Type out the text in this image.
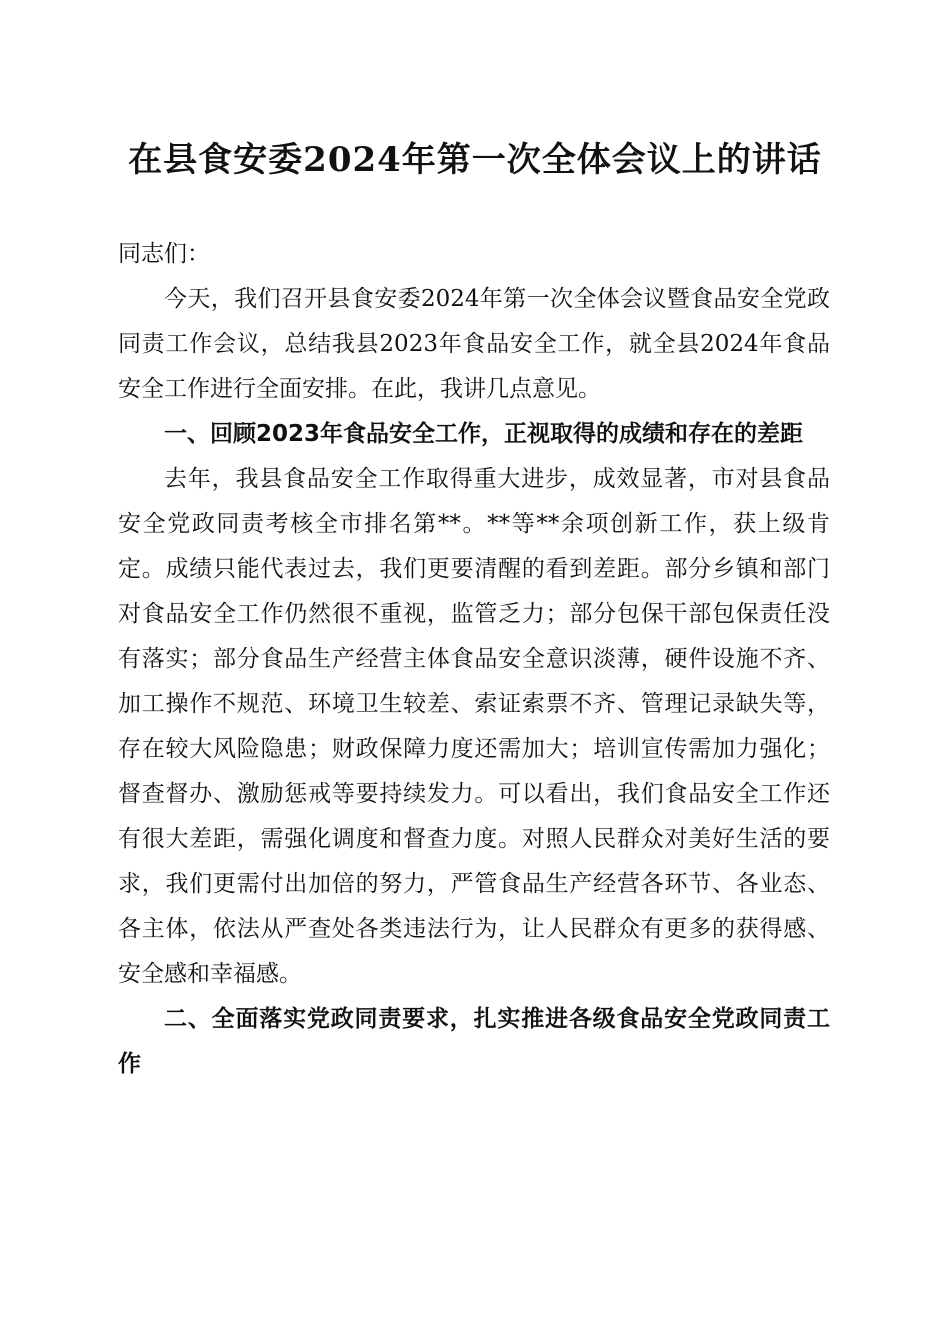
在县食安委2024年第一次全体会议上的讲话

同志们：

今天，我们召开县食安委2024年第一次全体会议暨食品安全党政同责工作会议，总结我县2023年食品安全工作，就全县2024年食品安全工作进行全面安排。在此，我讲几点意见。

一、回顾2023年食品安全工作，正视取得的成绩和存在的差距

去年，我县食品安全工作取得重大进步，成效显著，市对县食品安全党政同责考核全市排名第**。**等**余项创新工作，获上级肯定。成绩只能代表过去，我们更要清醒的看到差距。部分乡镇和部门对食品安全工作仍然很不重视，监管乏力；部分包保干部包保责任没有落实；部分食品生产经营主体食品安全意识淡薄，硬件设施不齐、加工操作不规范、环境卫生较差、索证索票不齐、管理记录缺失等，存在较大风险隐患；财政保障力度还需加大；培训宣传需加力强化；督查督办、激励惩戒等要持续发力。可以看出，我们食品安全工作还有很大差距，需强化调度和督查力度。对照人民群众对美好生活的要求，我们更需付出加倍的努力，严管食品生产经营各环节、各业态、各主体，依法从严查处各类违法行为，让人民群众有更多的获得感、安全感和幸福感。

二、全面落实党政同责要求，扎实推进各级食品安全党政同责工作
